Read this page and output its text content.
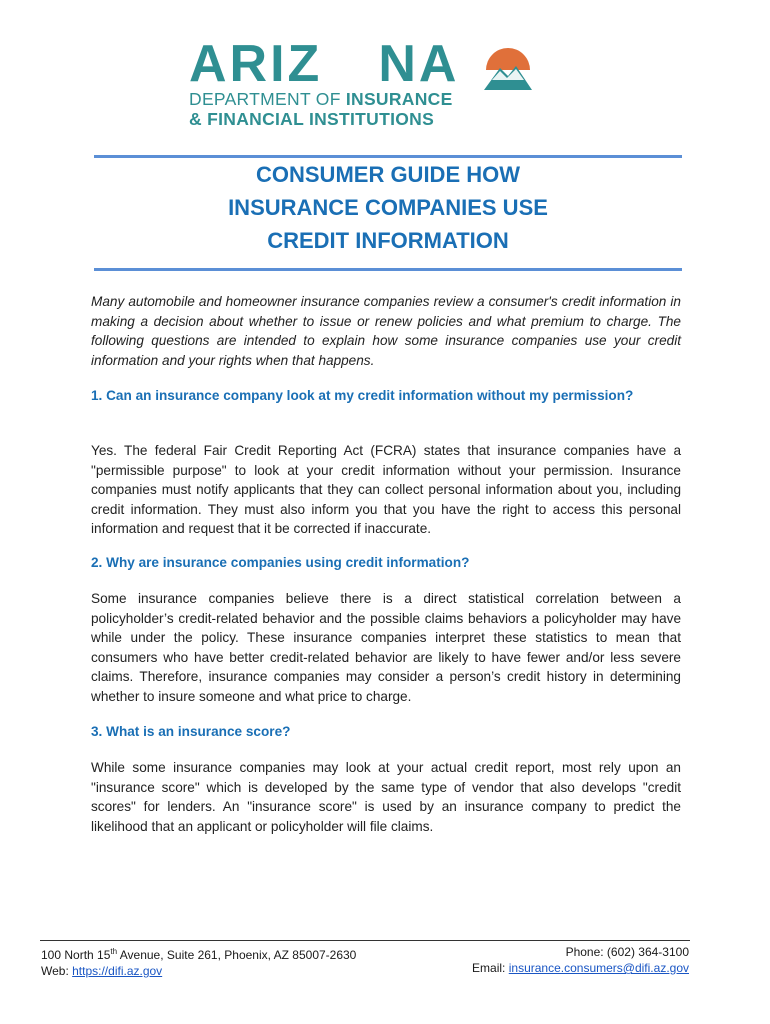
ARIZ NA
DEPARTMENT OF INSURANCE
& FINANCIAL INSTITUTIONS
CONSUMER GUIDE HOW
INSURANCE COMPANIES USE
CREDIT INFORMATION
Many automobile and homeowner insurance companies review a consumer's credit information in making a decision about whether to issue or renew policies and what premium to charge. The following questions are intended to explain how some insurance companies use your credit information and your rights when that happens.
1. Can an insurance company look at my credit information without my permission?
Yes. The federal Fair Credit Reporting Act (FCRA) states that insurance companies have a "permissible purpose" to look at your credit information without your permission. Insurance companies must notify applicants that they can collect personal information about you, including credit information. They must also inform you that you have the right to access this personal information and request that it be corrected if inaccurate.
2. Why are insurance companies using credit information?
Some insurance companies believe there is a direct statistical correlation between a policyholder’s credit-related behavior and the possible claims behaviors a policyholder may have while under the policy. These insurance companies interpret these statistics to mean that consumers who have better credit-related behavior are likely to have fewer and/or less severe claims. Therefore, insurance companies may consider a person’s credit history in determining whether to insure someone and what price to charge.
3. What is an insurance score?
While some insurance companies may look at your actual credit report, most rely upon an "insurance score" which is developed by the same type of vendor that also develops "credit scores" for lenders. An "insurance score" is used by an insurance company to predict the likelihood that an applicant or policyholder will file claims.
100 North 15th Avenue, Suite 261, Phoenix, AZ 85007-2630
Web: https://difi.az.gov
Phone: (602) 364-3100
Email: insurance.consumers@difi.az.gov
